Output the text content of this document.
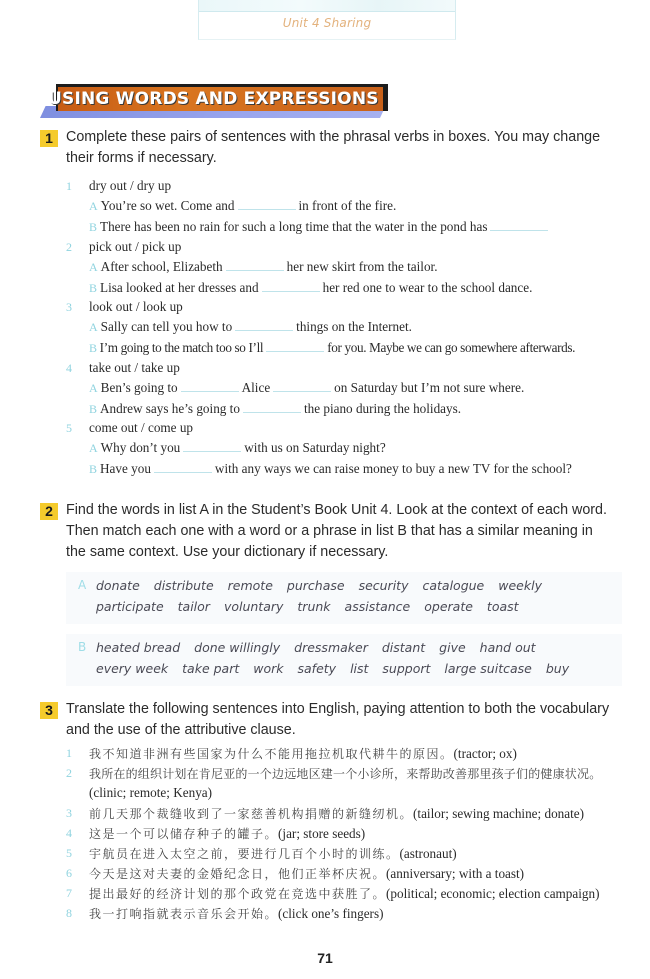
Unit 4 Sharing
USING WORDS AND EXPRESSIONS
1 Complete these pairs of sentences with the phrasal verbs in boxes. You may change their forms if necessary.
1 dry out / dry up
A You’re so wet. Come and	in front of the fire.
B There has been no rain for such a long time that the water in the pond has
2 pick out / pick up
A After school, Elizabeth	her new skirt from the tailor.
B Lisa looked at her dresses and	her red one to wear to the school dance.
3 look out / look up
A Sally can tell you how to	things on the Internet.
B I’m going to the match too so I’ll	for you. Maybe we can go somewhere afterwards.
4 take out / take up
A Ben’s going to	Alice	on Saturday but I’m not sure where.
B Andrew says he’s going to	the piano during the holidays.
5 come out / come up
A Why don’t you	with us on Saturday night?
B Have you	with any ways we can raise money to buy a new TV for the school?
2 Find the words in list A in the Student’s Book Unit 4. Look at the context of each word. Then match each one with a word or a phrase in list B that has a similar meaning in the same context. Use your dictionary if necessary.
A donate distribute remote purchase security catalogue weekly
participate tailor voluntary trunk assistance operate toast
B heated bread done willingly dressmaker distant give hand out
every week take part work safety list support large suitcase buy
3 Translate the following sentences into English, paying attention to both the vocabulary and the use of the attributive clause.
1 我不知道非洲有些国家为什么不能用拖拉机取代耕牛的原因。(tractor; ox)
2 我所在的组织计划在肯尼亚的一个边远地区建一个小诊所，来帮助改善那里孩子们的健康状况。
(clinic; remote; Kenya)
3 前几天那个裁缝收到了一家慈善机构捐赠的新缝纫机。(tailor; sewing machine; donate)
4 这是一个可以储存种子的罐子。(jar; store seeds)
5 宇航员在进入太空之前，要进行几百个小时的训练。(astronaut)
6 今天是这对夫妻的金婚纪念日，他们正举杯庆祝。(anniversary; with a toast)
7 提出最好的经济计划的那个政党在竞选中获胜了。(political; economic; election campaign)
8 我一打响指就表示音乐会开始。(click one’s fingers)
71
